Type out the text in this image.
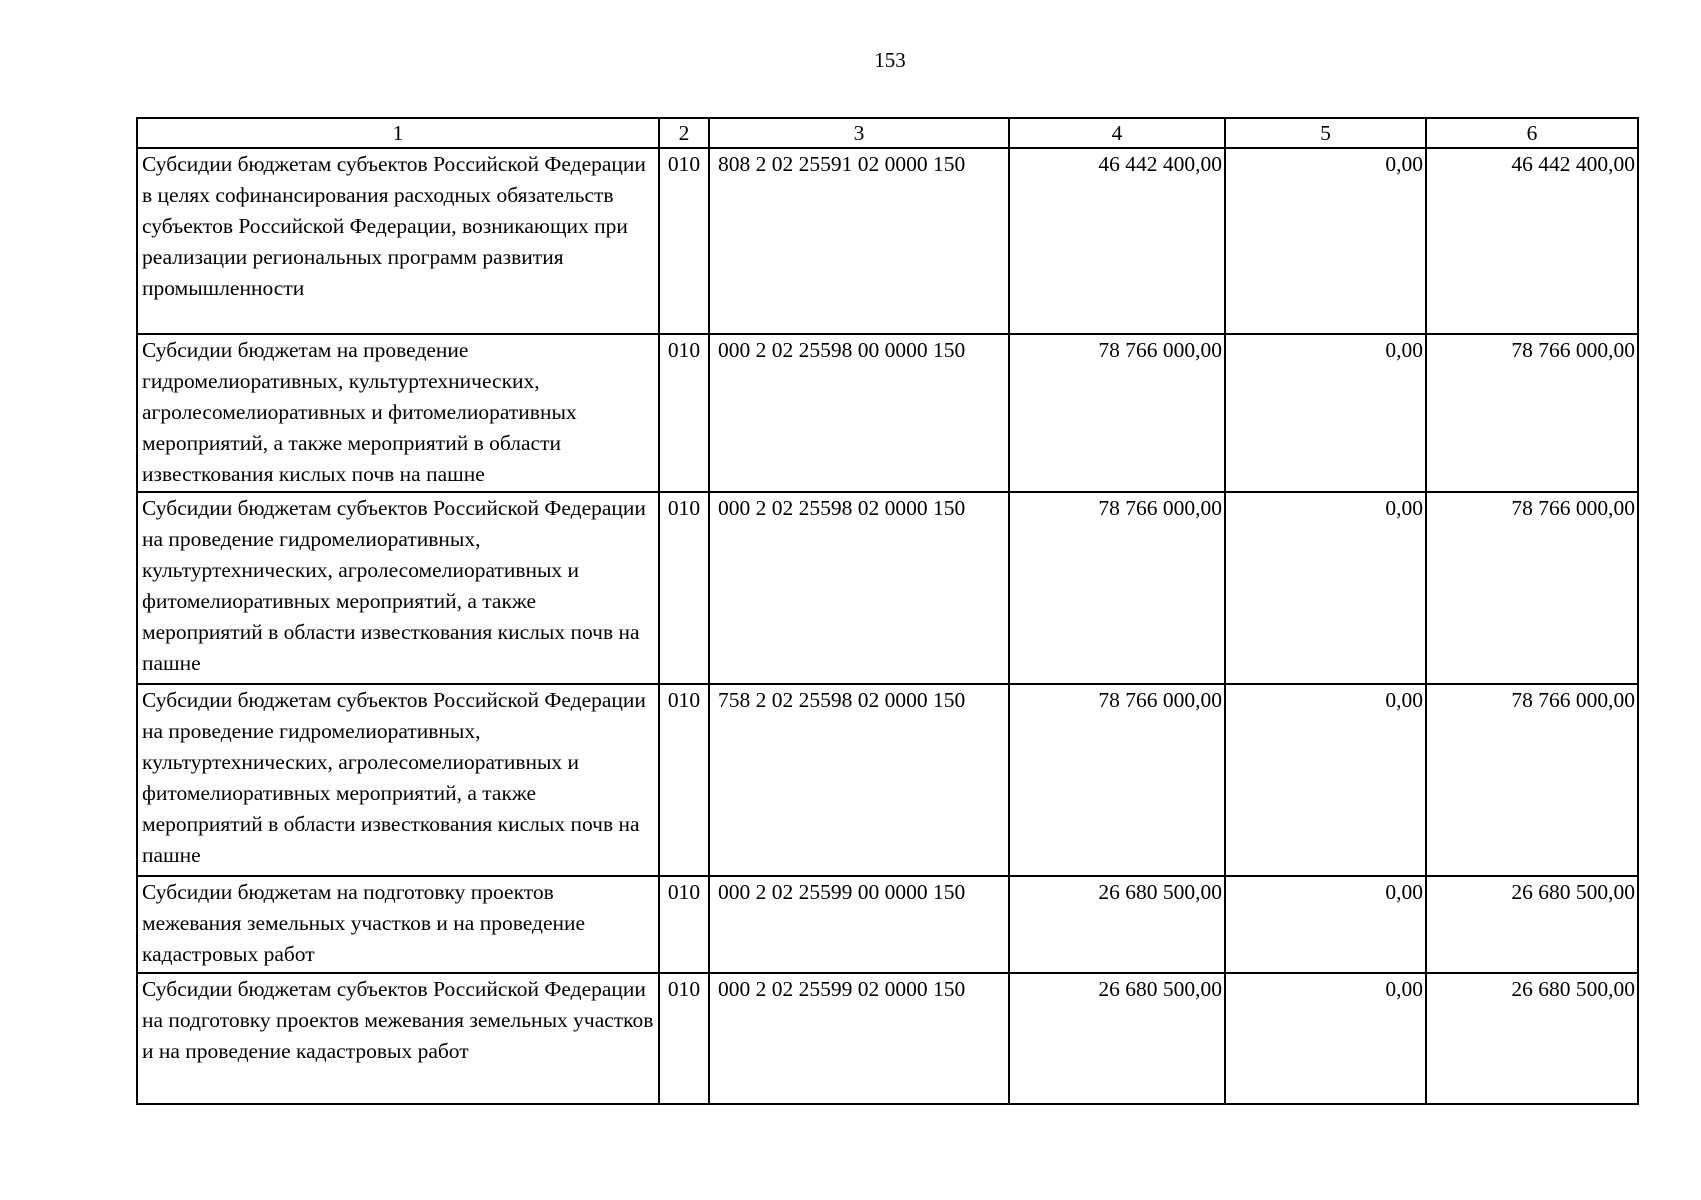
153
1	2	3	4	5	6
Субсидии бюджетам субъектов Российской Федерации в целях софинансирования расходных обязательств субъектов Российской Федерации, возникающих при реализации региональных программ развития промышленности	010	808 2 02 25591 02 0000 150	46 442 400,00	0,00	46 442 400,00
Субсидии бюджетам на проведение гидромелиоративных, культуртехнических, агролесомелиоративных и фитомелиоративных мероприятий, а также мероприятий в области известкования кислых почв на пашне	010	000 2 02 25598 00 0000 150	78 766 000,00	0,00	78 766 000,00
Субсидии бюджетам субъектов Российской Федерации на проведение гидромелиоративных, культуртехнических, агролесомелиоративных и фитомелиоративных мероприятий, а также мероприятий в области известкования кислых почв на пашне	010	000 2 02 25598 02 0000 150	78 766 000,00	0,00	78 766 000,00
Субсидии бюджетам субъектов Российской Федерации на проведение гидромелиоративных, культуртехнических, агролесомелиоративных и фитомелиоративных мероприятий, а также мероприятий в области известкования кислых почв на пашне	010	758 2 02 25598 02 0000 150	78 766 000,00	0,00	78 766 000,00
Субсидии бюджетам на подготовку проектов межевания земельных участков и на проведение кадастровых работ	010	000 2 02 25599 00 0000 150	26 680 500,00	0,00	26 680 500,00
Субсидии бюджетам субъектов Российской Федерации на подготовку проектов межевания земельных участков и на проведение кадастровых работ	010	000 2 02 25599 02 0000 150	26 680 500,00	0,00	26 680 500,00
